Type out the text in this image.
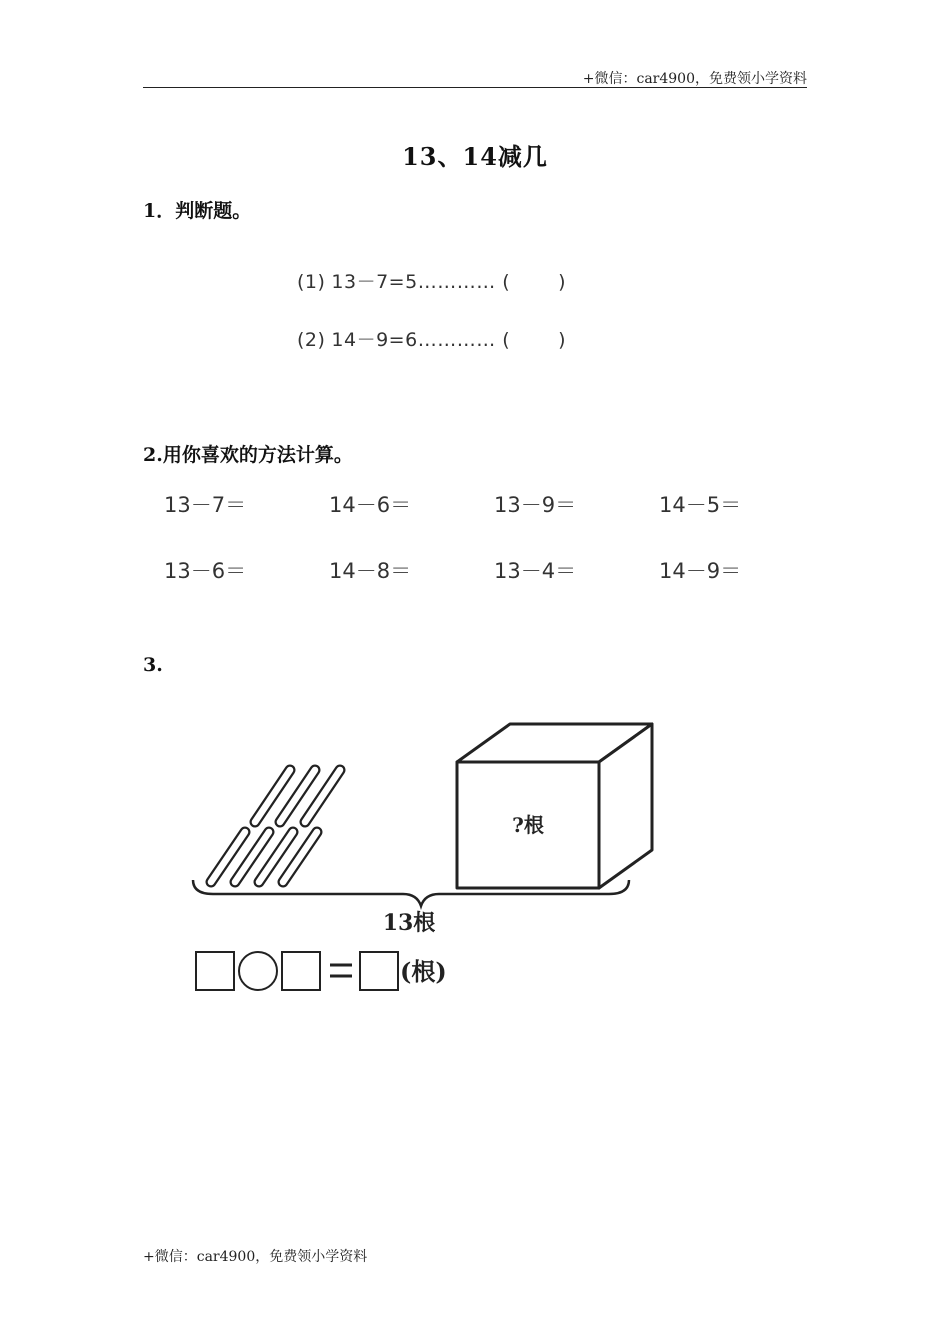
+微信：car4900，免费领小学资料
13、14减几
1．判断题。
(1) 13－7=5………… (	)
(2) 14－9=6………… (	)
2.用你喜欢的方法计算。
13－7＝	14－6＝	13－9＝	14－5＝
13－6＝	14－8＝	13－4＝	14－9＝
3.
?根
13根
(根)
+微信：car4900，免费领小学资料
